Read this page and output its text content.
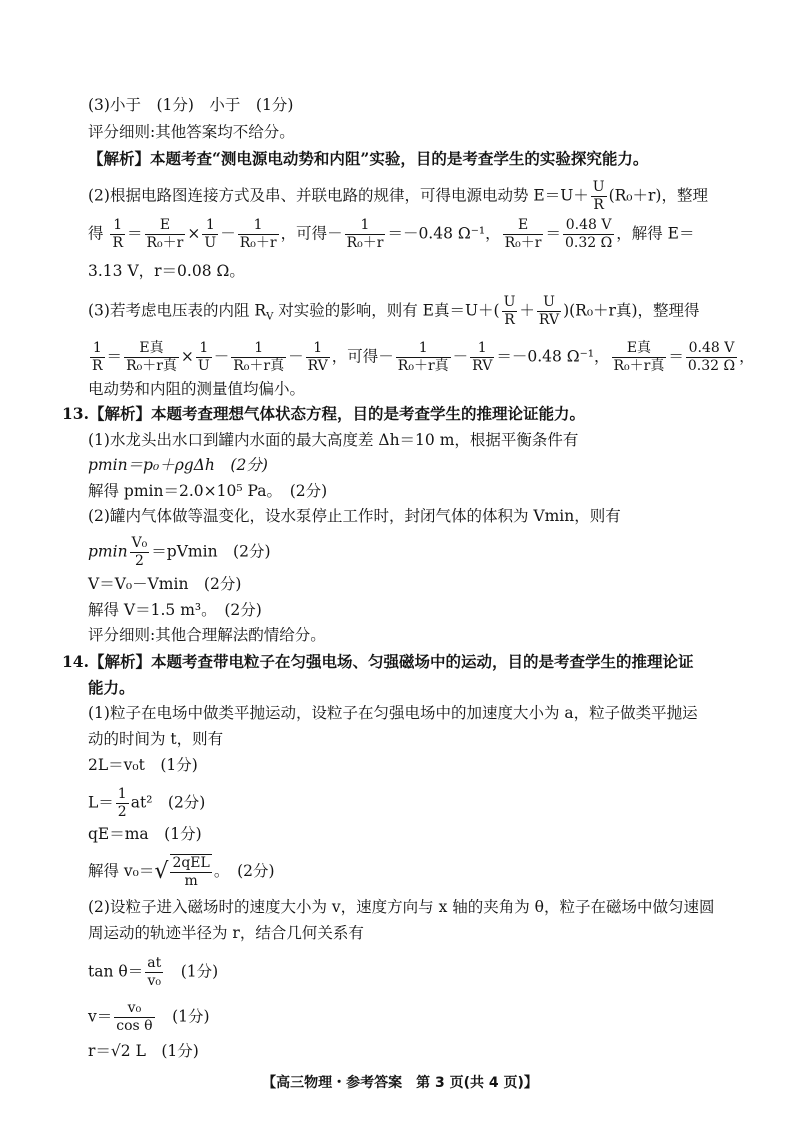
(3)小于　(1分)　小于　(1分)
评分细则:其他答案均不给分。
【解析】本题考查“测电源电动势和内阻”实验，目的是考查学生的实验探究能力。
(2)根据电路图连接方式及串、并联电路的规律，可得电源电动势 $E=U+ \frac{U}{R} (R_0+r)$，整理
得 $\frac{1}{R} = \frac{E}{\text{R₀＋r}} \times \frac{1}{U} - \frac{1}{\text{R₀＋r}}$ ，可得－ $\frac{1}{\text{R₀＋r}} =-0.48$ Ω⁻¹， $\frac{E}{\text{R₀＋r}} = \frac{0.48 V}{0.32 \Omega}$ ，解得 E＝
3.13 V，r＝0.08 Ω。
(3)若考虑电压表的内阻 $R_V$ 对实验的影响，则有 E真$=U+( \frac{U}{R} + \frac{U}{RV} )(R_0+r$真)，整理得
$\frac{1}{R} = \frac{\text{E真}}{\text{R₀＋r真}} \times \frac{1}{U} - \frac{1}{\text{R₀＋r真}} - \frac{1}{RV}$ ，可得－ $\frac{1}{\text{R₀＋r真}} - \frac{1}{RV} =-0.48$ Ω⁻¹， $\frac{\text{E真}}{\text{R₀＋r真}} = \frac{0.48 V}{0.32 \Omega}$ ，
电动势和内阻的测量值均偏小。
13.【解析】本题考查理想气体状态方程，目的是考查学生的推理论证能力。
(1)水龙头出水口到罐内水面的最大高度差 Δh＝10 m，根据平衡条件有
pmin＝p₀＋ρgΔh　(2分)
解得 pmin＝2.0×10⁵ Pa。　(2分)
(2)罐内气体做等温变化，设水泵停止工作时，封闭气体的体积为 Vmin，则有
pmin $\frac{\text{V₀}}{2} =pVmin$　(2分)
V＝V₀－Vmin　(2分)
解得 V＝1.5 m³。　(2分)
评分细则:其他合理解法酌情给分。
14.【解析】本题考查带电粒子在匀强电场、匀强磁场中的运动，目的是考查学生的推理论证
能力。
(1)粒子在电场中做类平抛运动，设粒子在匀强电场中的加速度大小为 a，粒子做类平抛运
动的时间为 t，则有
2L＝v₀t　(1分)
$L= \frac{1}{2} at^2$　(2分)
qE＝ma　(1分)
解得 $v_0=√ \frac{\text{2qEL}}{m}$ 。　(2分)
(2)设粒子进入磁场时的速度大小为 v，速度方向与 x 轴的夹角为 θ，粒子在磁场中做匀速圆
周运动的轨迹半径为 r，结合几何关系有
$\tan \theta= \frac{at}{\text{v₀}}$ 　(1分)
$v= \frac{\text{v₀}}{\text{cos θ}}$ 　(1分)
r＝√2 L　(1分)
【高三物理・参考答案　第 3 页(共 4 页)】
